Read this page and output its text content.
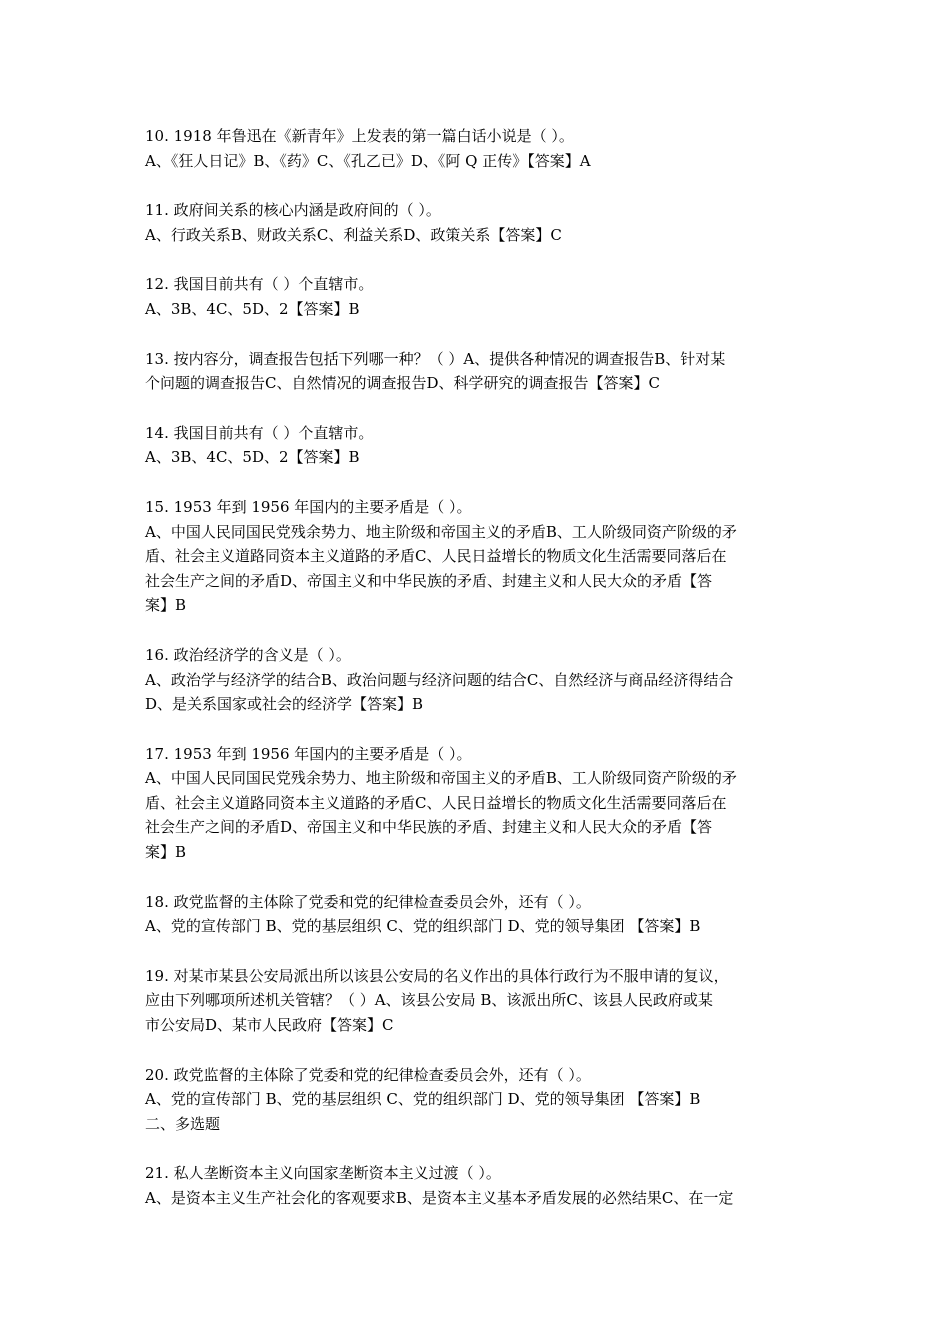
10. 1918 年鲁迅在《新青年》上发表的第一篇白话小说是（ ）。
A、《狂人日记》B、《药》C、《孔乙已》D、《阿 Q 正传》【答案】A
11. 政府间关系的核心内涵是政府间的（ ）。
A、行政关系B、财政关系C、利益关系D、政策关系【答案】C
12. 我国目前共有（ ）个直辖市。
A、3B、4C、5D、2【答案】B
13. 按内容分，调查报告包括下列哪一种？（ ）A、提供各种情况的调查报告B、针对某
个问题的调查报告C、自然情况的调查报告D、科学研究的调查报告【答案】C
14. 我国目前共有（ ）个直辖市。
A、3B、4C、5D、2【答案】B
15. 1953 年到 1956 年国内的主要矛盾是（ ）。
A、中国人民同国民党残余势力、地主阶级和帝国主义的矛盾B、工人阶级同资产阶级的矛
盾、社会主义道路同资本主义道路的矛盾C、人民日益增长的物质文化生活需要同落后在
社会生产之间的矛盾D、帝国主义和中华民族的矛盾、封建主义和人民大众的矛盾【答
案】B
16. 政治经济学的含义是（ ）。
A、政治学与经济学的结合B、政治问题与经济问题的结合C、自然经济与商品经济得结合
D、是关系国家或社会的经济学【答案】B
17. 1953 年到 1956 年国内的主要矛盾是（ ）。
A、中国人民同国民党残余势力、地主阶级和帝国主义的矛盾B、工人阶级同资产阶级的矛
盾、社会主义道路同资本主义道路的矛盾C、人民日益增长的物质文化生活需要同落后在
社会生产之间的矛盾D、帝国主义和中华民族的矛盾、封建主义和人民大众的矛盾【答
案】B
18. 政党监督的主体除了党委和党的纪律检查委员会外，还有（ ）。
A、党的宣传部门 B、党的基层组织 C、党的组织部门 D、党的领导集团 【答案】B
19. 对某市某县公安局派出所以该县公安局的名义作出的具体行政行为不服申请的复议，
应由下列哪项所述机关管辖？（ ）A、该县公安局 B、该派出所C、该县人民政府或某
市公安局D、某市人民政府【答案】C
20. 政党监督的主体除了党委和党的纪律检查委员会外，还有（ ）。
A、党的宣传部门 B、党的基层组织 C、党的组织部门 D、党的领导集团 【答案】B
二、多选题
21. 私人垄断资本主义向国家垄断资本主义过渡（ ）。
A、是资本主义生产社会化的客观要求B、是资本主义基本矛盾发展的必然结果C、在一定
